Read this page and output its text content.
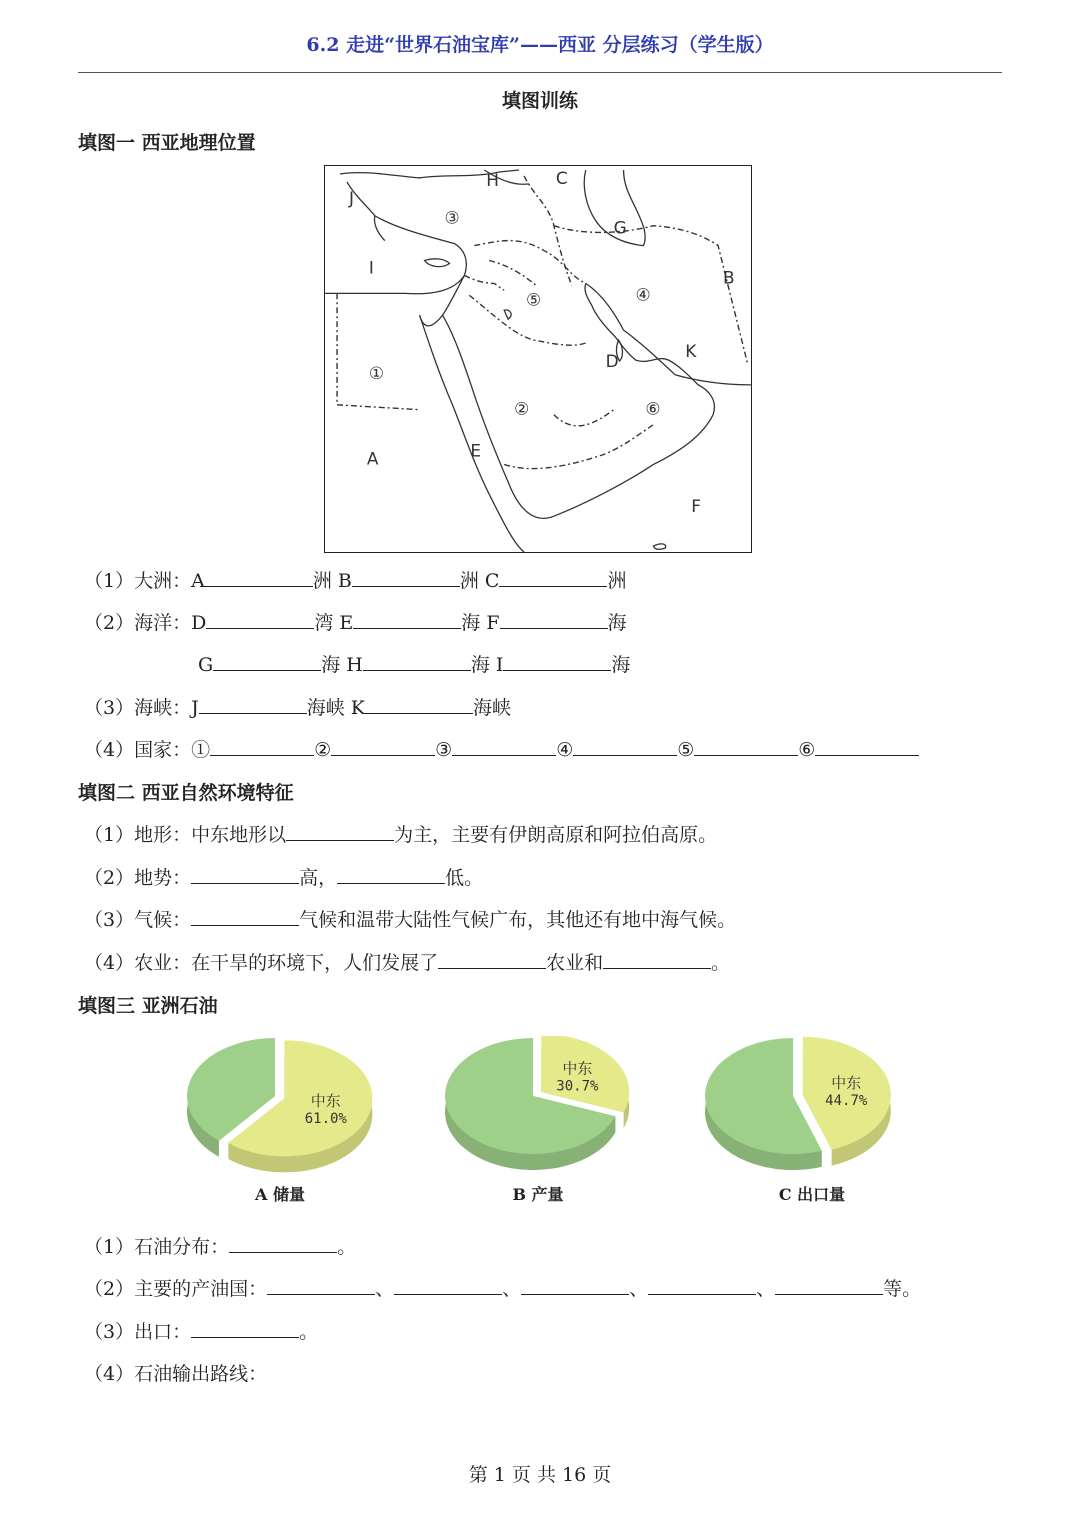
6.2 走进“世界石油宝库”——西亚 分层练习（学生版）
填图训练
填图一 西亚地理位置
A
B
C
D
E
F
G
H
I
J
K
①
②
③
④
⑤
⑥
（1）大洲：A	洲 B	洲 C	洲
（2）海洋：D	湾 E	海 F	海
G	海 H	海 I	海
（3）海峡：J	海峡 K	海峡
（4）国家：①	②	③	④	⑤	⑥
填图二 西亚自然环境特征
（1）地形：中东地形以	为主，主要有伊朗高原和阿拉伯高原。
（2）地势：	高，	低。
（3）气候：	气候和温带大陆性气候广布，其他还有地中海气候。
（4）农业：在干旱的环境下，人们发展了	农业和	。
填图三 亚洲石油
中东
61.0%
A 储量
中东
30.7%
B 产量
中东
44.7%
C 出口量
（1）石油分布：	。
（2）主要的产油国：	、	、	、	、	等。
（3）出口：	。
（4）石油输出路线：
第 1 页 共 16 页
